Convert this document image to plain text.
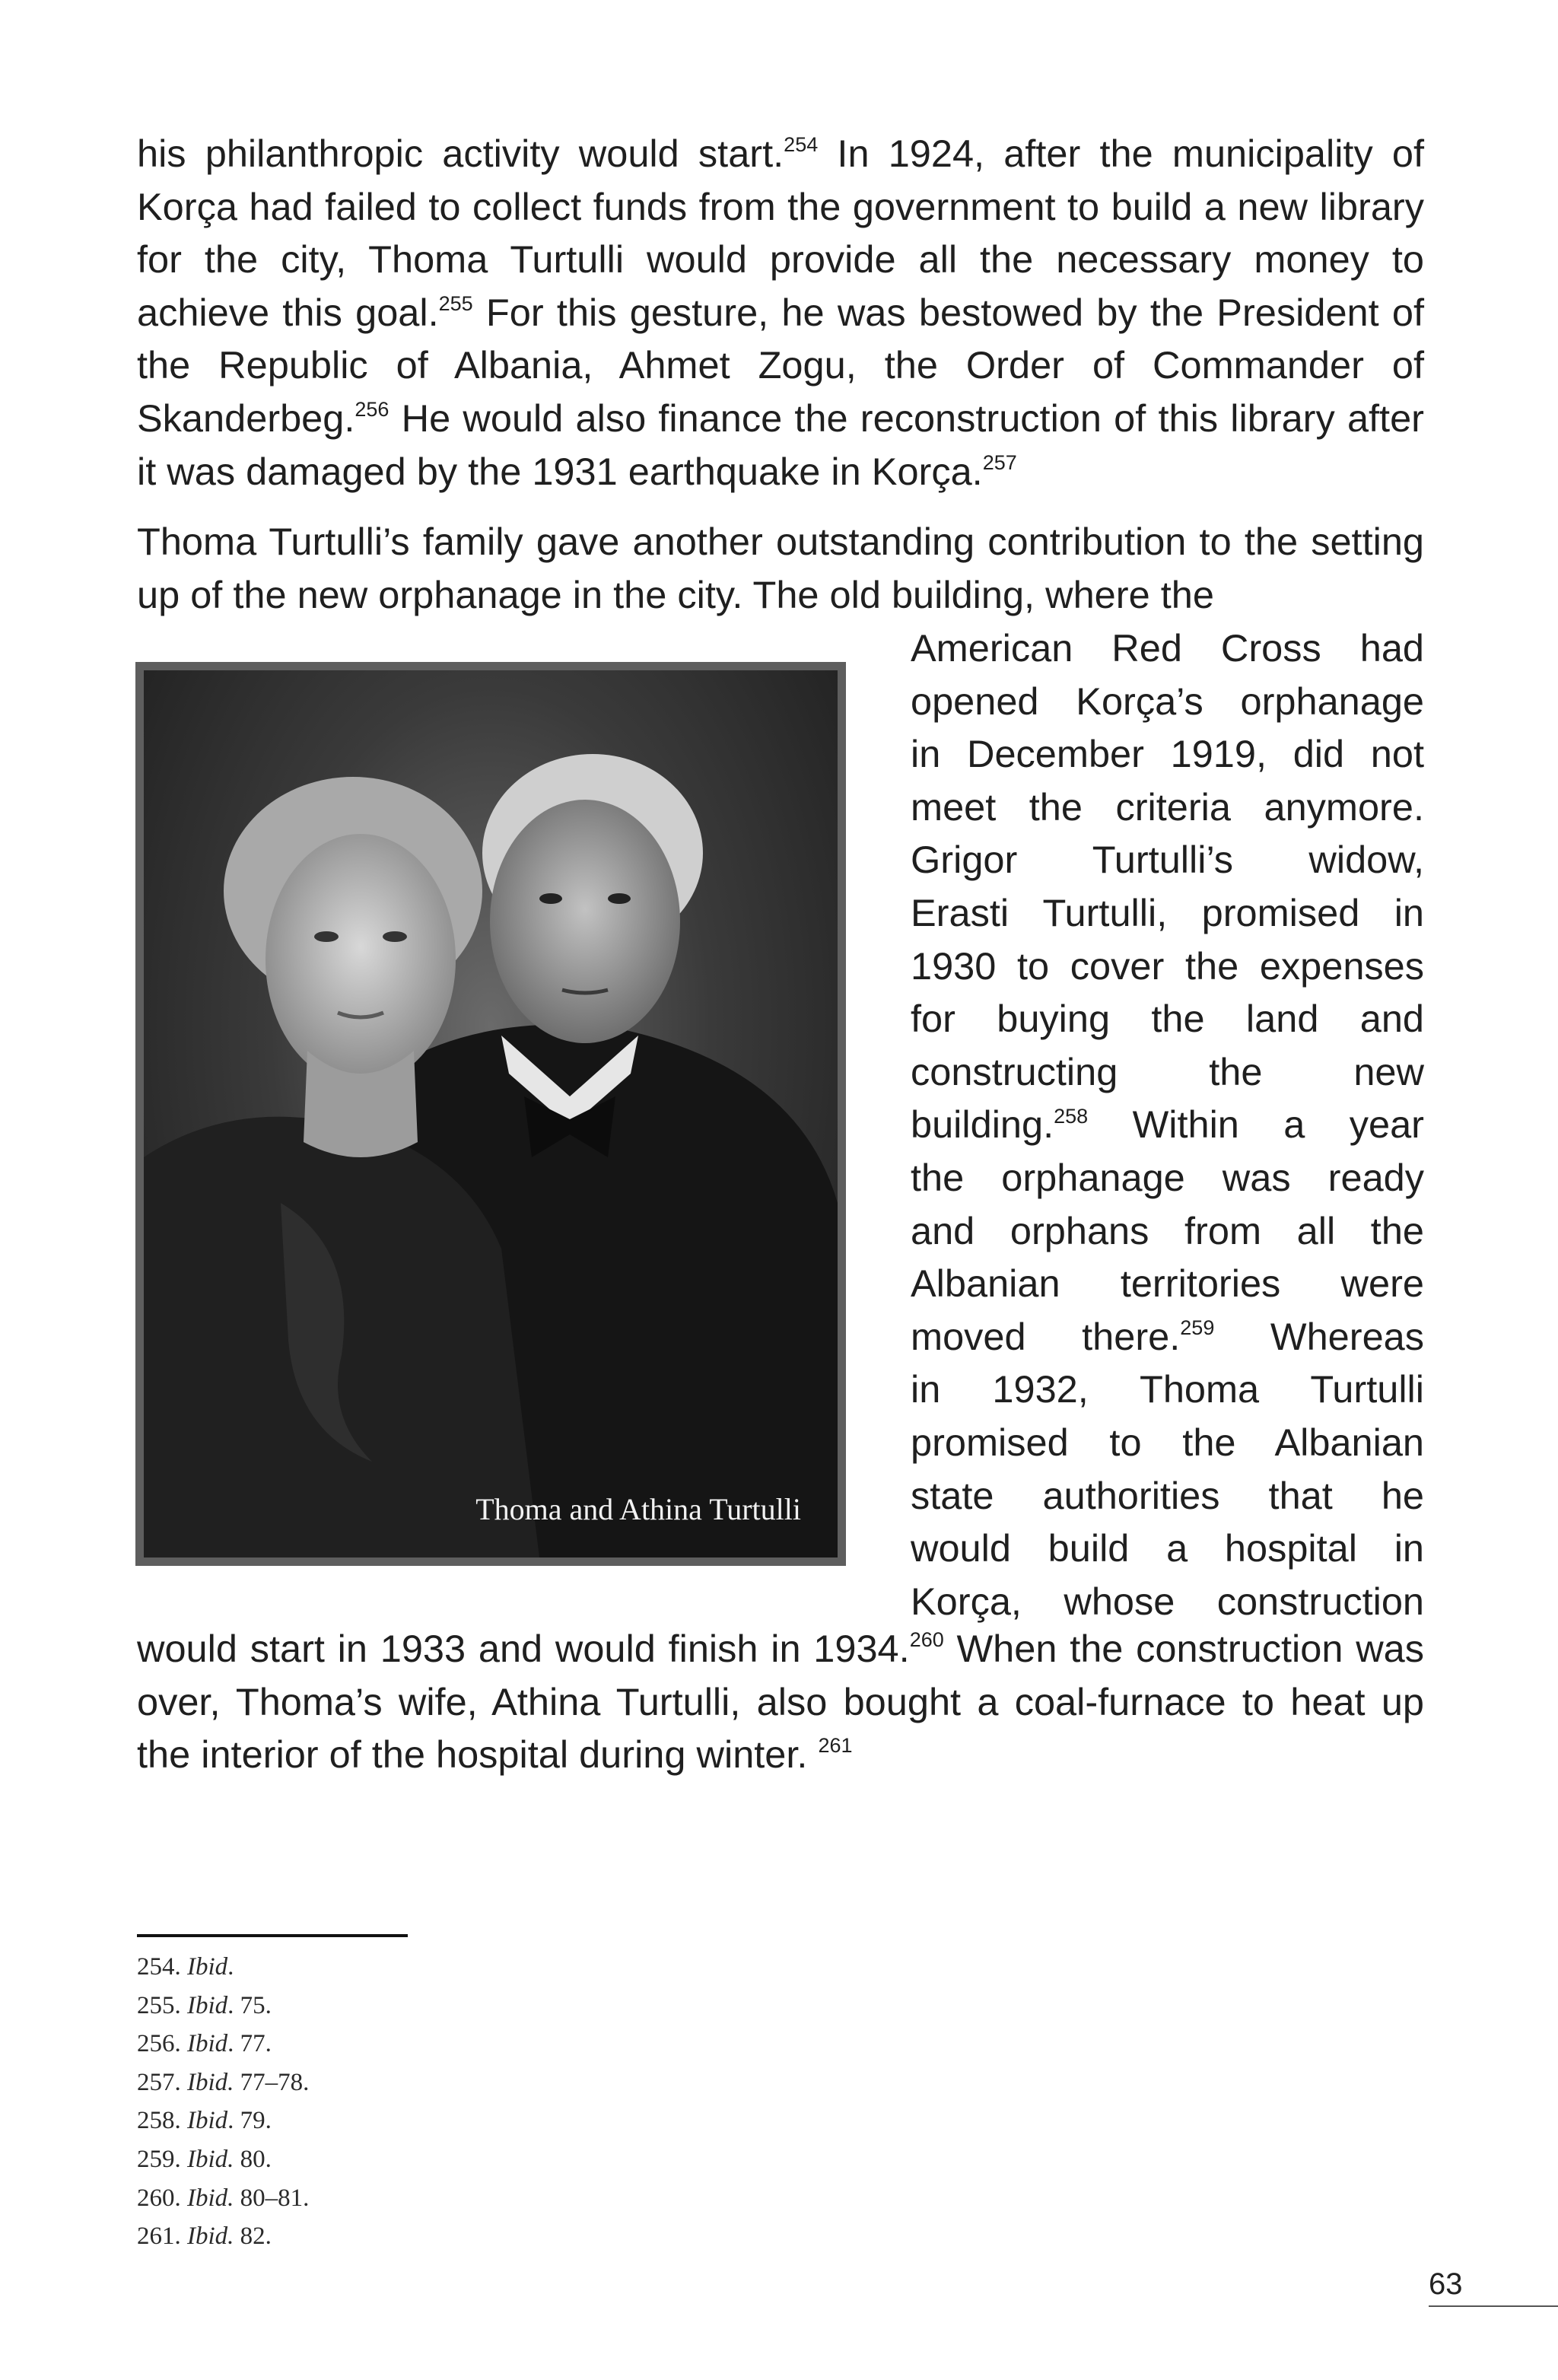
his philanthropic activity would start.$^{254}$ In 1924, after the municipality of Korça had failed to collect funds from the government to build a new library for the city, Thoma Turtulli would provide all the necessary money to achieve this goal.$^{255}$ For this gesture, he was bestowed by the President of the Republic of Albania, Ahmet Zogu, the Order of Commander of Skanderbeg.$^{256}$ He would also finance the reconstruction of this library after it was damaged by the 1931 earthquake in Korça.$^{257}$

Thoma Turtulli’s family gave another outstanding contribution to the setting up of the new orphanage in the city. The old building, where the

American Red Cross had
opened Korça’s orphanage
in December 1919, did not
meet the criteria anymore.
Grigor Turtulli’s widow,
Erasti Turtulli, promised in
1930 to cover the expenses
for buying the land and
constructing the new
building.$^{258}$ Within a year
the orphanage was ready
and orphans from all the
Albanian territories were
moved there.$^{259}$ Whereas
in 1932, Thoma Turtulli
promised to the Albanian
state authorities that he
would build a hospital in
Korça, whose construction

would start in 1933 and would finish in 1934.$^{260}$ When the construction was over, Thoma’s wife, Athina Turtulli, also bought a coal-furnace to heat up the interior of the hospital during winter. $^{261}$

Thoma and Athina Turtulli
254. Ibid.
255. Ibid. 75.
256. Ibid. 77.
257. Ibid. 77–78.
258. Ibid. 79.
259. Ibid. 80.
260. Ibid. 80–81.
261. Ibid. 82.
63
